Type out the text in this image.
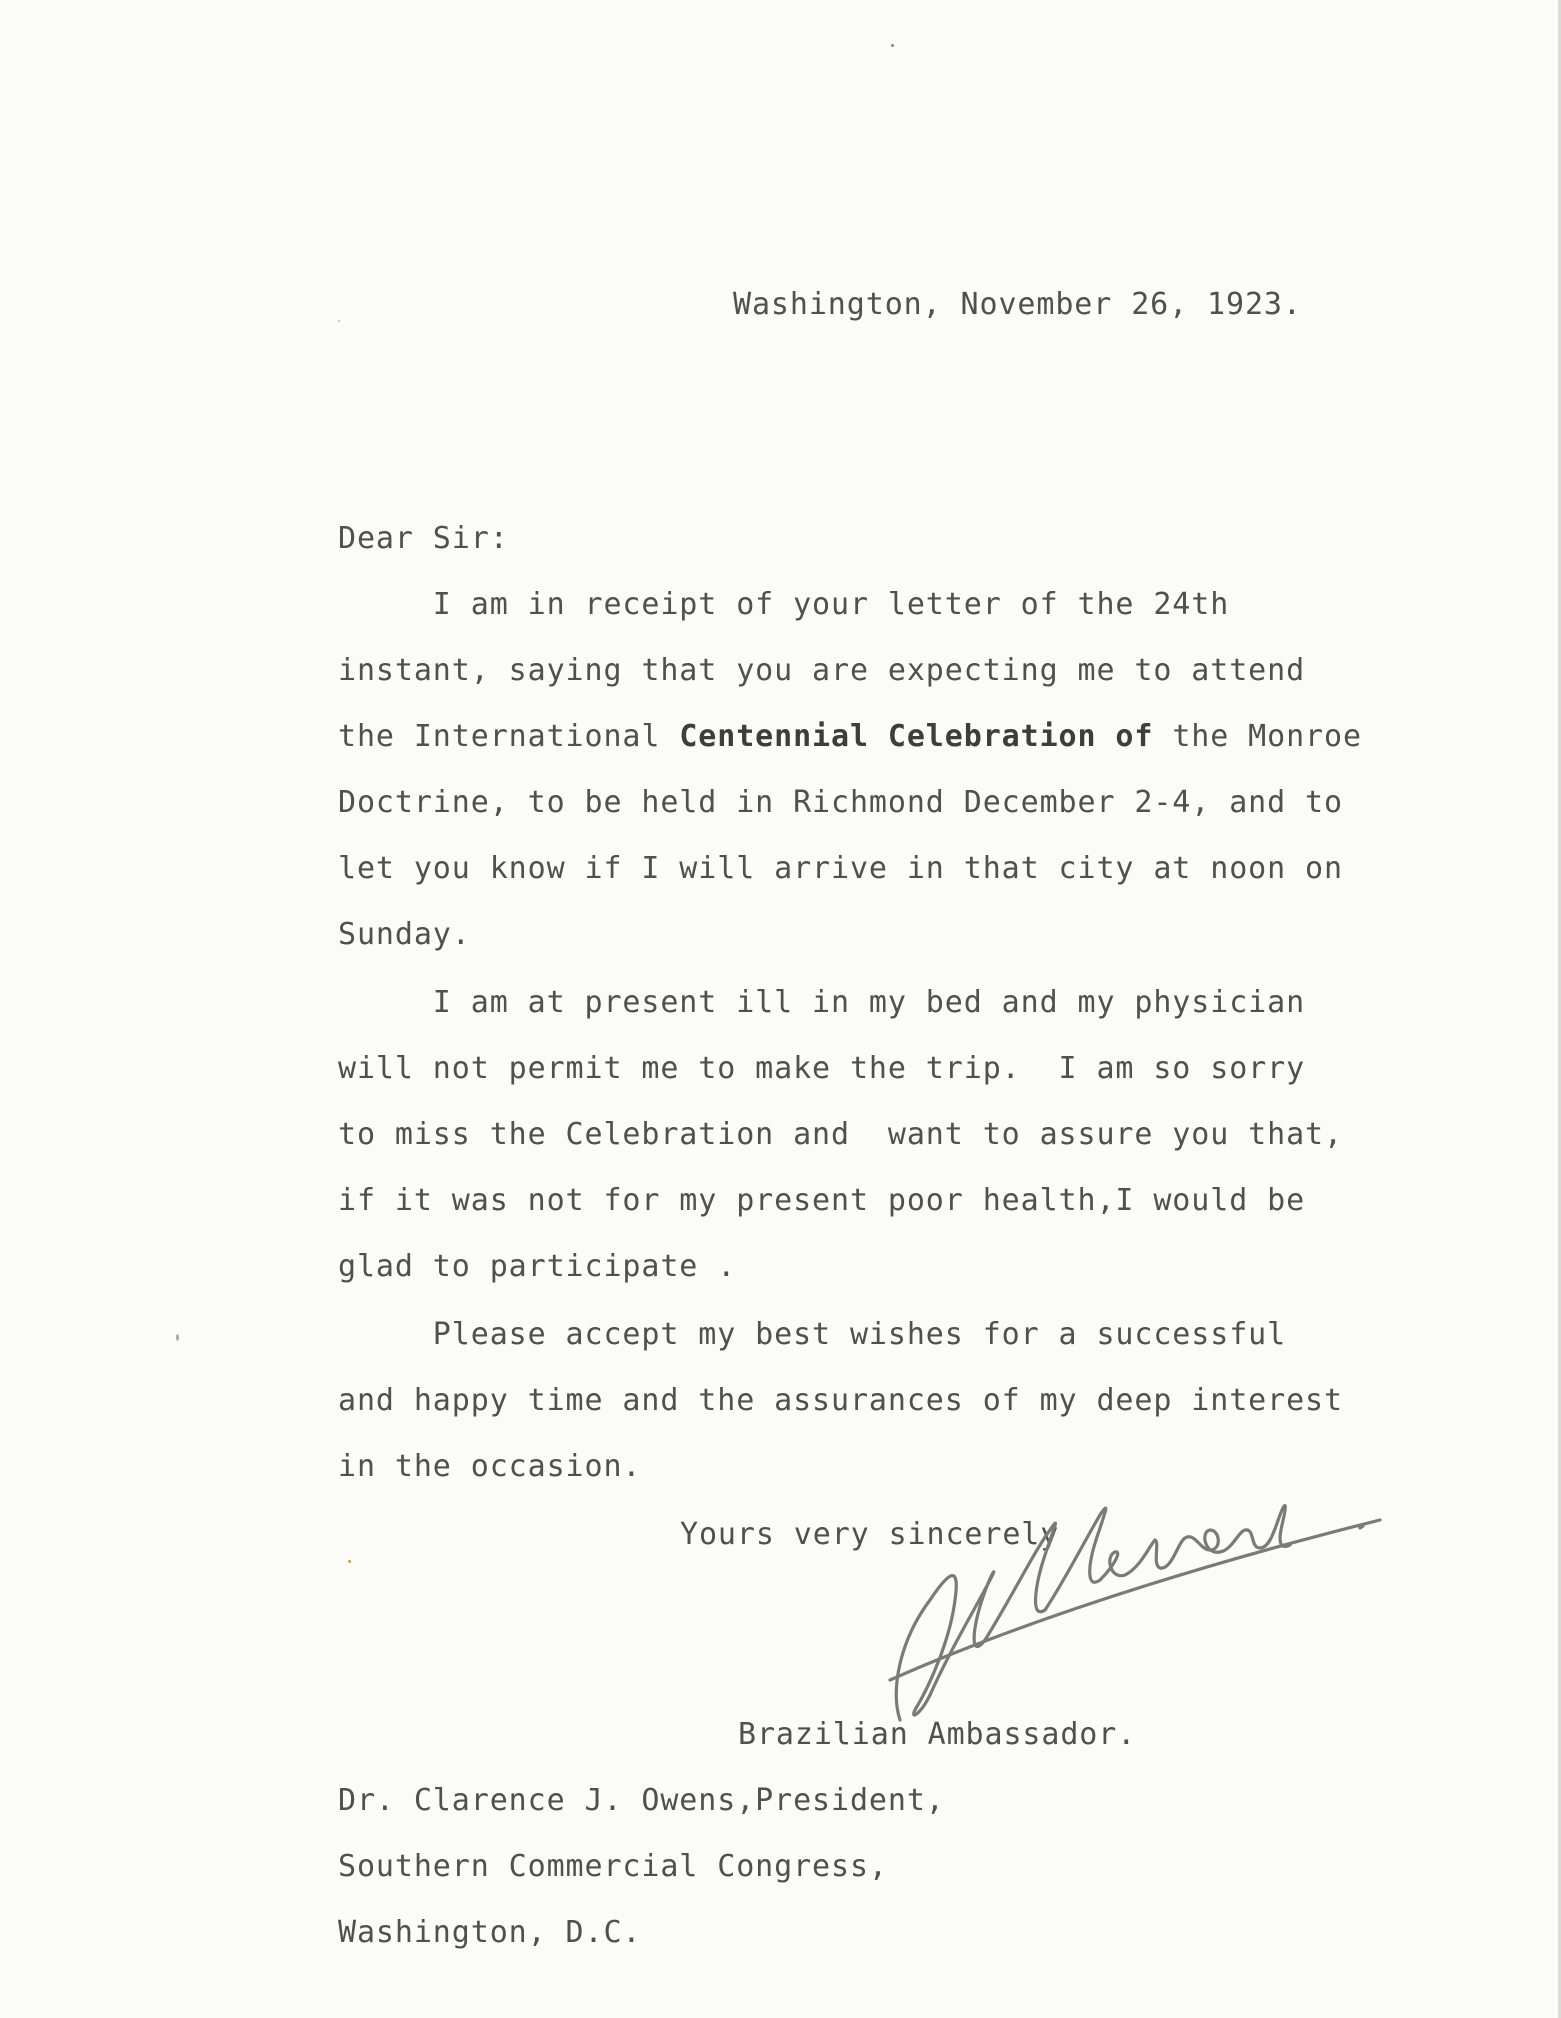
Washington, November 26, 1923.
Dear Sir:
I am in receipt of your letter of the 24th
instant, saying that you are expecting me to attend
the International Centennial Celebration of the Monroe
Doctrine, to be held in Richmond December 2-4, and to
let you know if I will arrive in that city at noon on
Sunday.
I am at present ill in my bed and my physician
will not permit me to make the trip.  I am so sorry
to miss the Celebration and  want to assure you that,
if it was not for my present poor health,I would be
glad to participate .
Please accept my best wishes for a successful
and happy time and the assurances of my deep interest
in the occasion.
Yours very sincerely
Brazilian Ambassador.
Dr. Clarence J. Owens,President,
Southern Commercial Congress,
Washington, D.C.
